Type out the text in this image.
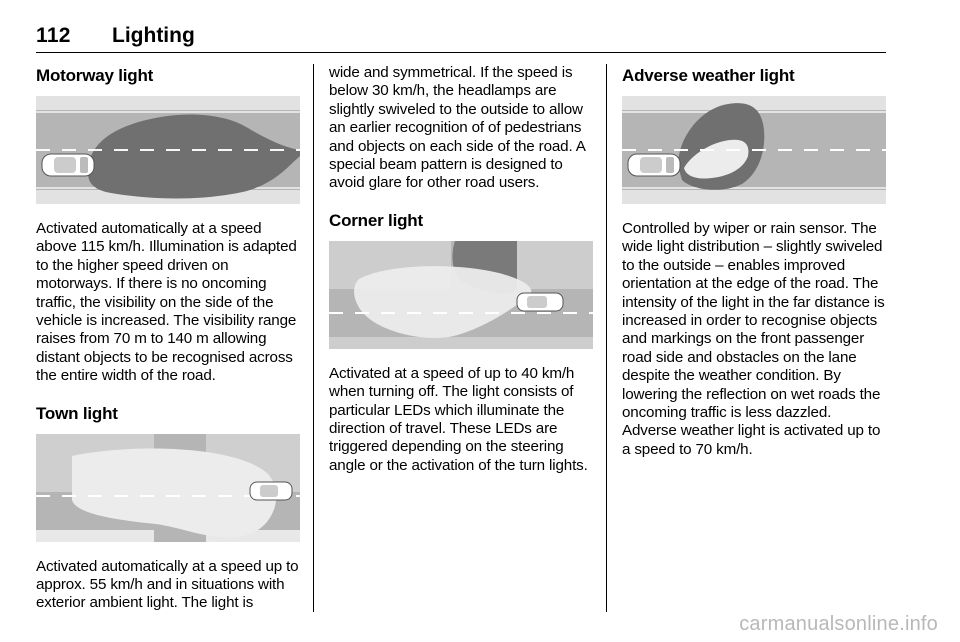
112 Lighting
Motorway light

Activated automatically at a speed above 115 km/h. Illumination is adapted to the higher speed driven on motorways. If there is no oncoming traffic, the visibility on the side of the vehicle is increased. The visibility range raises from 70 m to 140 m allowing distant objects to be recognised across the entire width of the road.

Town light

Activated automatically at a speed up to approx. 55 km/h and in situations with exterior ambient light. The light is

wide and symmetrical. If the speed is below 30 km/h, the headlamps are slightly swiveled to the outside to allow an earlier recognition of of pedestrians and objects on each side of the road. A special beam pattern is designed to avoid glare for other road users.

Corner light

Activated at a speed of up to 40 km/h when turning off. The light consists of particular LEDs which illuminate the direction of travel. These LEDs are triggered depending on the steering angle or the activation of the turn lights.

Adverse weather light

Controlled by wiper or rain sensor. The wide light distribution – slightly swiveled to the outside – enables improved orientation at the edge of the road. The intensity of the light in the far distance is increased in order to recognise objects and markings on the front passenger road side and obstacles on the lane despite the weather condition. By lowering the reflection on wet roads the oncoming traffic is less dazzled. Adverse weather light is activated up to a speed to 70 km/h.

carmanualsonline.info
